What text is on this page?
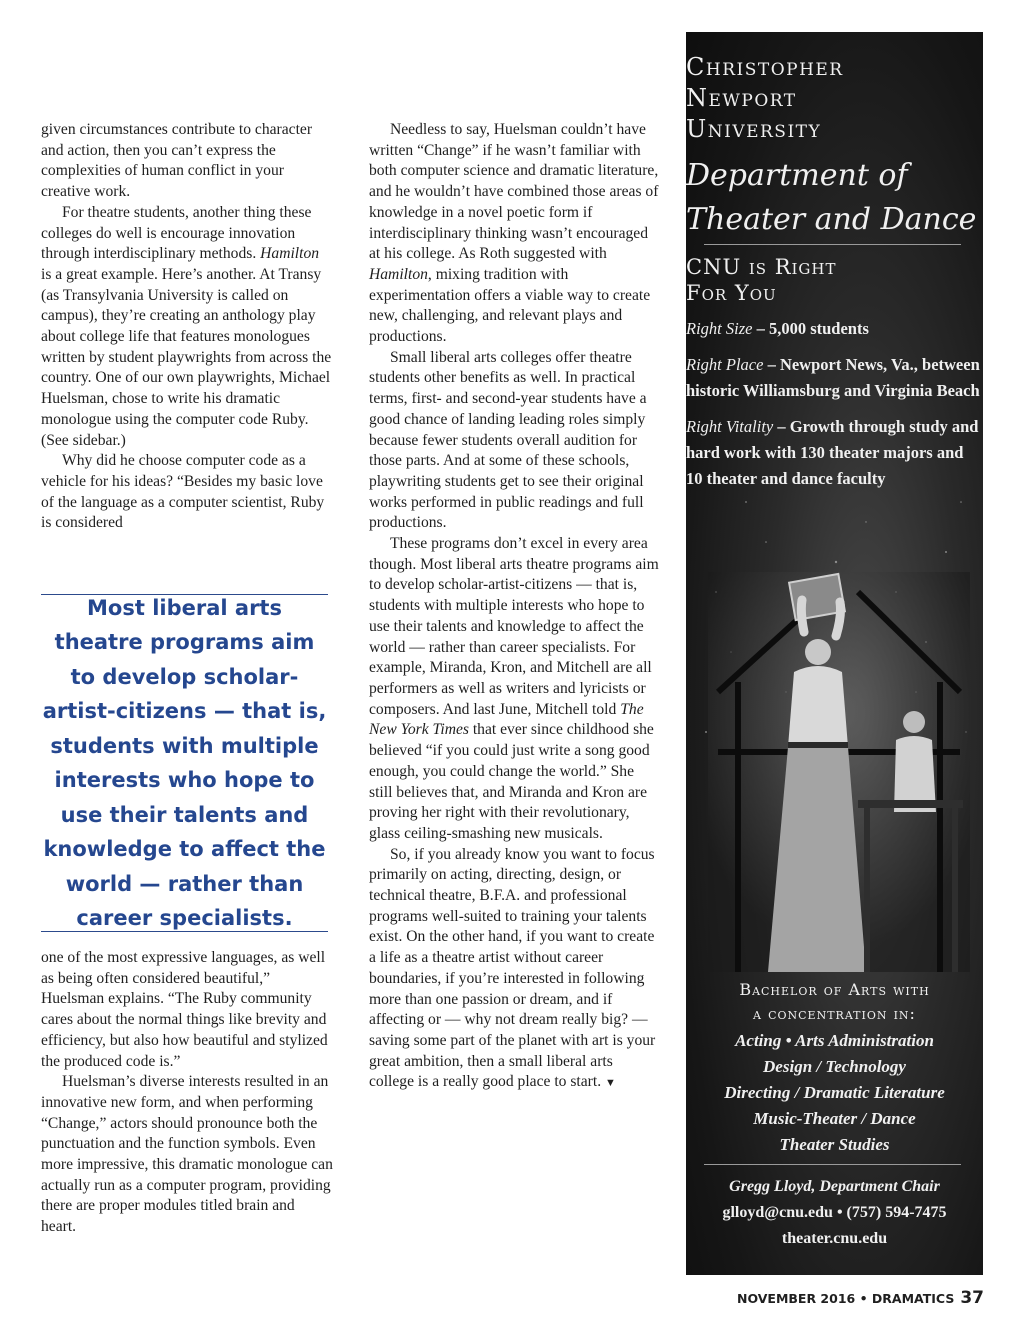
given circumstances contribute to character and action, then you can’t express the complexities of human conflict in your creative work.

For theatre students, another thing these colleges do well is encourage innovation through interdisciplinary methods. Hamilton is a great example. Here’s another. At Transy (as Transylvania University is called on campus), they’re creating an anthology play about college life that features monologues written by student playwrights from across the country. One of our own playwrights, Michael Huelsman, chose to write his dramatic monologue using the computer code Ruby. (See sidebar.)

Why did he choose computer code as a vehicle for his ideas? “Besides my basic love of the language as a computer scientist, Ruby is considered

Most liberal arts theatre programs aim to develop scholar-artist-citizens — that is, students with multiple interests who hope to use their talents and knowledge to affect the world — rather than career specialists.

one of the most expressive languages, as well as being often considered beautiful,” Huelsman explains. “The Ruby community cares about the normal things like brevity and efficiency, but also how beautiful and stylized the produced code is.”

Huelsman’s diverse interests resulted in an innovative new form, and when performing “Change,” actors should pronounce both the punctuation and the function symbols. Even more impressive, this dramatic monologue can actually run as a computer program, providing there are proper modules titled brain and heart.

Needless to say, Huelsman couldn’t have written “Change” if he wasn’t familiar with both computer science and dramatic literature, and he wouldn’t have combined those areas of knowledge in a novel poetic form if interdisciplinary thinking wasn’t encouraged at his college. As Roth suggested with Hamilton, mixing tradition with experimentation offers a viable way to create new, challenging, and relevant plays and productions.

Small liberal arts colleges offer theatre students other benefits as well. In practical terms, first- and second-year students have a good chance of landing leading roles simply because fewer students overall audition for those parts. And at some of these schools, playwriting students get to see their original works performed in public readings and full productions.

These programs don’t excel in every area though. Most liberal arts theatre programs aim to develop scholar-artist-citizens — that is, students with multiple interests who hope to use their talents and knowledge to affect the world — rather than career specialists. For example, Miranda, Kron, and Mitchell are all performers as well as writers and lyricists or composers. And last June, Mitchell told The New York Times that ever since childhood she believed “if you could just write a song good enough, you could change the world.” She still believes that, and Miranda and Kron are proving her right with their revolutionary, glass ceiling-smashing new musicals.

So, if you already know you want to focus primarily on acting, directing, design, or technical theatre, B.F.A. and professional programs well-suited to training your talents exist. On the other hand, if you want to create a life as a theatre artist without career boundaries, if you’re interested in following more than one passion or dream, and if affecting or — why not dream really big? — saving some part of the planet with art is your great ambition, then a small liberal arts college is a really good place to start. ▼

Christopher
Newport
University
Department of
Theater and Dance
CNU is Right
For You
Right Size – 5,000 students
Right Place – Newport News, Va., between historic Williamsburg and Virginia Beach
Right Vitality – Growth through study and hard work with 130 theater majors and 10 theater and dance faculty
Bachelor of Arts with
a concentration in:
Acting • Arts Administration
Design / Technology
Directing / Dramatic Literature
Music-Theater / Dance
Theater Studies
Gregg Lloyd, Department Chair
glloyd@cnu.edu • (757) 594-7475
theater.cnu.edu
NOVEMBER 2016 • DRAMATICS 37
